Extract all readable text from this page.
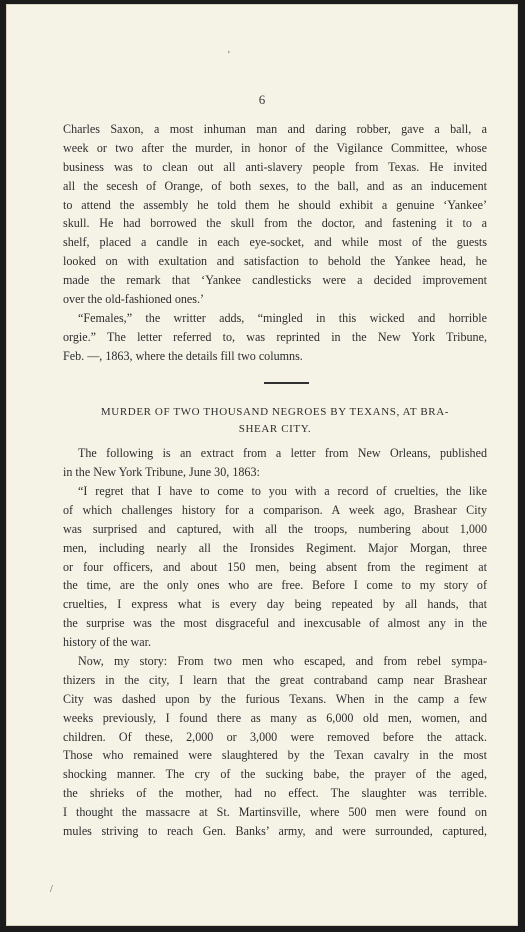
'
/
6
Charles Saxon, a most inhuman man and daring robber, gave a ball, a
week or two after the murder, in honor of the Vigilance Committee, whose
business was to clean out all anti-slavery people from Texas. He invited
all the secesh of Orange, of both sexes, to the ball, and as an inducement
to attend the assembly he told them he should exhibit a genuine ‘Yankee’
skull. He had borrowed the skull from the doctor, and fastening it to a
shelf, placed a candle in each eye-socket, and while most of the guests
looked on with exultation and satisfaction to behold the Yankee head, he
made the remark that ‘Yankee candlesticks were a decided improvement
over the old-fashioned ones.’
“Females,” the writter adds, “mingled in this wicked and horrible
orgie.” The letter referred to, was reprinted in the New York Tribune,
Feb. —, 1863, where the details fill two columns.
MURDER OF TWO THOUSAND NEGROES BY TEXANS, AT BRA-
SHEAR CITY.
The following is an extract from a letter from New Orleans, published
in the New York Tribune, June 30, 1863:
“I regret that I have to come to you with a record of cruelties, the like
of which challenges history for a comparison. A week ago, Brashear City
was surprised and captured, with all the troops, numbering about 1,000
men, including nearly all the Ironsides Regiment. Major Morgan, three
or four officers, and about 150 men, being absent from the regiment at
the time, are the only ones who are free. Before I come to my story of
cruelties, I express what is every day being repeated by all hands, that
the surprise was the most disgraceful and inexcusable of almost any in the
history of the war.
Now, my story: From two men who escaped, and from rebel sympa-
thizers in the city, I learn that the great contraband camp near Brashear
City was dashed upon by the furious Texans. When in the camp a few
weeks previously, I found there as many as 6,000 old men, women, and
children. Of these, 2,000 or 3,000 were removed before the attack.
Those who remained were slaughtered by the Texan cavalry in the most
shocking manner. The cry of the sucking babe, the prayer of the aged,
the shrieks of the mother, had no effect. The slaughter was terrible.
I thought the massacre at St. Martinsville, where 500 men were found on
mules striving to reach Gen. Banks’ army, and were surrounded, captured,
